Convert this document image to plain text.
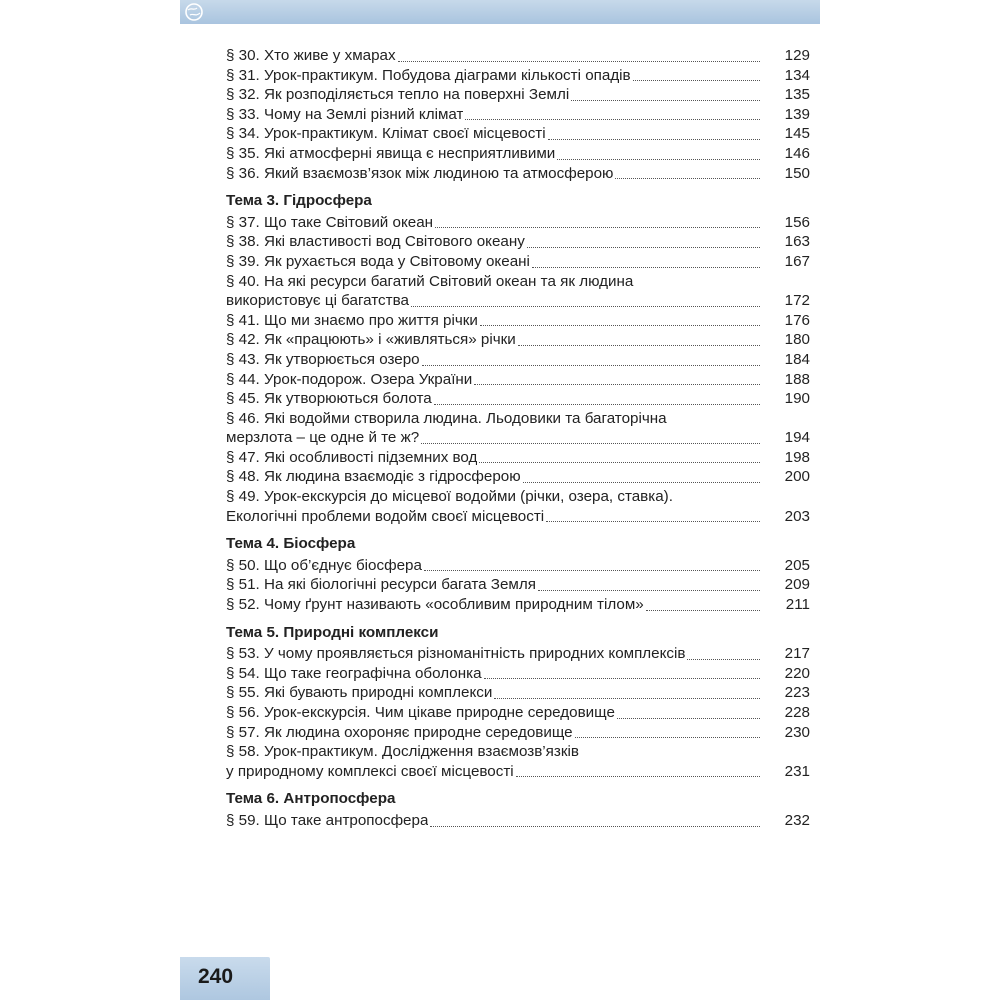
§ 30. Хто живе у хмарах	129
§ 31. Урок-практикум. Побудова діаграми кількості опадів	134
§ 32. Як розподіляється тепло на поверхні Землі	135
§ 33. Чому на Землі різний клімат	139
§ 34. Урок-практикум. Клімат своєї місцевості	145
§ 35. Які атмосферні явища є несприятливими	146
§ 36. Який взаємозв’язок між людиною та атмосферою	150
Тема 3. Гідросфера
§ 37. Що таке Світовий океан	156
§ 38. Які властивості вод Світового океану	163
§ 39. Як рухається вода у Світовому океані	167
§ 40. На які ресурси багатий Світовий океан та як людина
використовує ці багатства	172
§ 41. Що ми знаємо про життя річки	176
§ 42. Як «працюють» і «живляться» річки	180
§ 43. Як утворюється озеро	184
§ 44. Урок-подорож. Озера України	188
§ 45. Як утворюються болота	190
§ 46. Які водойми створила людина. Льодовики та багаторічна
мерзлота – це одне й те ж?	194
§ 47. Які особливості підземних вод	198
§ 48. Як людина взаємодіє з гідросферою	200
§ 49. Урок-екскурсія до місцевої водойми (річки, озера, ставка).
Екологічні проблеми водойм своєї місцевості	203
Тема 4. Біосфера
§ 50. Що об’єднує біосфера	205
§ 51. На які біологічні ресурси багата Земля	209
§ 52. Чому ґрунт називають «особливим природним тілом»	211
Тема 5. Природні комплекси
§ 53. У чому проявляється різноманітність природних комплексів	217
§ 54. Що таке географічна оболонка	220
§ 55. Які бувають природні комплекси	223
§ 56. Урок-екскурсія. Чим цікаве природне середовище	228
§ 57. Як людина охороняє природне середовище	230
§ 58. Урок-практикум. Дослідження взаємозв’язків
у природному комплексі своєї місцевості	231
Тема 6. Антропосфера
§ 59. Що таке антропосфера	232
240
